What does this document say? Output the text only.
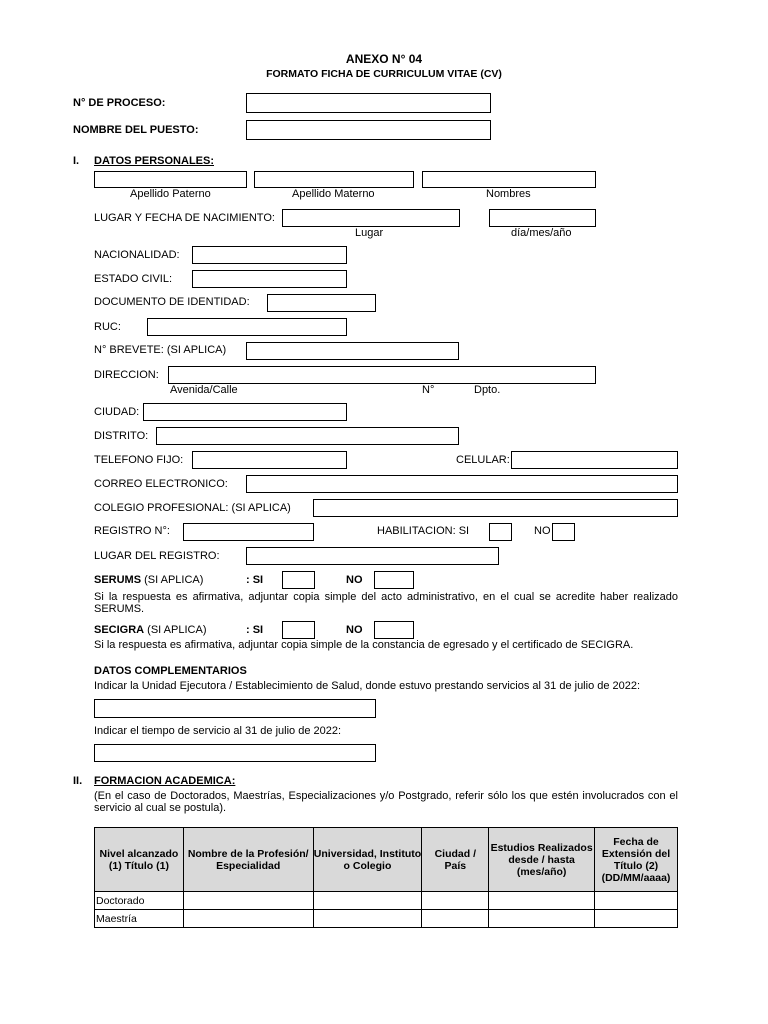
ANEXO N° 04
FORMATO FICHA DE CURRICULUM VITAE (CV)
N° DE PROCESO:
NOMBRE DEL PUESTO:
I. DATOS PERSONALES:
Apellido Paterno	Apellido Materno	Nombres
LUGAR Y FECHA DE NACIMIENTO:
Lugar	día/mes/año
NACIONALIDAD:
ESTADO CIVIL:
DOCUMENTO DE IDENTIDAD:
RUC:
N° BREVETE: (SI APLICA)
DIRECCION:
Avenida/Calle	N°	Dpto.
CIUDAD:
DISTRITO:
TELEFONO FIJO:	CELULAR:
CORREO ELECTRONICO:
COLEGIO PROFESIONAL: (SI APLICA)
REGISTRO N°:	HABILITACION: SI	NO
LUGAR DEL REGISTRO:
SERUMS (SI APLICA)	: SI	NO
Si la respuesta es afirmativa, adjuntar copia simple del acto administrativo, en el cual se acredite haber realizado SERUMS.
SECIGRA (SI APLICA)	: SI	NO
Si la respuesta es afirmativa, adjuntar copia simple de la constancia de egresado y el certificado de SECIGRA.
DATOS COMPLEMENTARIOS
Indicar la Unidad Ejecutora / Establecimiento de Salud, donde estuvo prestando servicios al 31 de julio de 2022:
Indicar el tiempo de servicio al 31 de julio de 2022:
II. FORMACION ACADEMICA:
(En el caso de Doctorados, Maestrías, Especializaciones y/o Postgrado, referir sólo los que estén involucrados con el servicio al cual se postula).
Nivel alcanzado (1) Título (1)	Nombre de la Profesión/ Especialidad	Universidad, Instituto o Colegio	Ciudad / País	Estudios Realizados desde / hasta (mes/año)	Fecha de Extensión del Título (2) (DD/MM/aaaa)
Doctorado					
Maestría					
